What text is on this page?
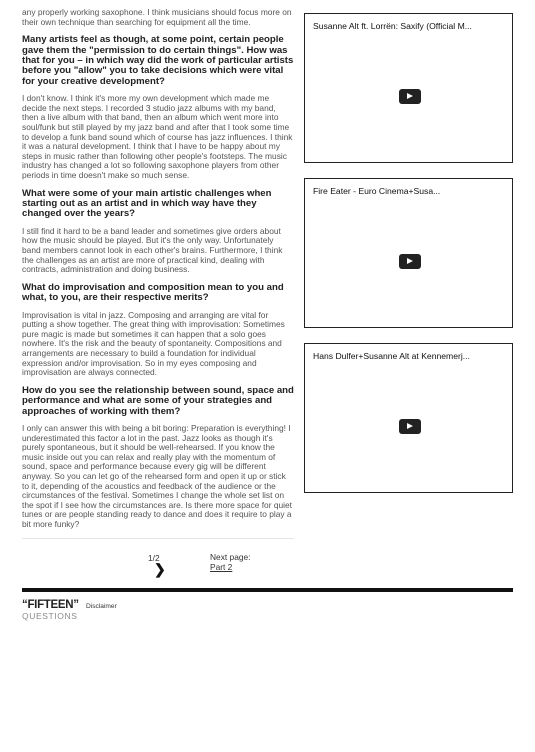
any properly working saxophone. I think musicians should focus more on their own technique than searching for equipment all the time.

Many artists feel as though, at some point, certain people gave them the "permission to do certain things". How was that for you – in which way did the work of particular artists before you "allow" you to take decisions which were vital for your creative development?

I don't know. I think it's more my own development which made me decide the next steps. I recorded 3 studio jazz albums with my band, then a live album with that band, then an album which went more into soul/funk but still played by my jazz band and after that I took some time to develop a funk band sound which of course has jazz influences. I think it was a natural development. I think that I have to be happy about my steps in music rather than following other people's footsteps. The music industry has changed a lot so following saxophone players from other periods in time doesn't make so much sense.

What were some of your main artistic challenges when starting out as an artist and in which way have they changed over the years?

I still find it hard to be a band leader and sometimes give orders about how the music should be played. But it's the only way. Unfortunately band members cannot look in each other's brains. Furthermore, I think the challenges as an artist are more of practical kind, dealing with contracts, administration and doing business.

What do improvisation and composition mean to you and what, to you, are their respective merits?

Improvisation is vital in jazz. Composing and arranging are vital for putting a show together. The great thing with improvisation: Sometimes pure magic is made but sometimes it can happen that a solo goes nowhere. It's the risk and the beauty of spontaneity. Compositions and arrangements are necessary to build a foundation for individual expression and/or improvisation. So in my eyes composing and improvisation are always connected.

How do you see the relationship between sound, space and performance and what are some of your strategies and approaches of working with them?

I only can answer this with being a bit boring: Preparation is everything! I underestimated this factor a lot in the past. Jazz looks as though it's purely spontaneous, but it should be well-rehearsed. If you know the music inside out you can relax and really play with the momentum of sound, space and performance because every gig will be different anyway. So you can let go of the rehearsed form and open it up or stick to it, depending of the acoustics and feedback of the audience or the circumstances of the festival. Sometimes I change the whole set list on the spot if I see how the circumstances are. Is there more space for quiet tunes or are people standing ready to dance and does it require to play a bit more funky?

Susanne Alt ft. Lorrën: Saxify (Official M...
Fire Eater - Euro Cinema+Susa...
Hans Dulfer+Susanne Alt at Kennemerj...
1/2
❯
Next page:
Part 2
“FIFTEEN”
QUESTIONS
Disclaimer
